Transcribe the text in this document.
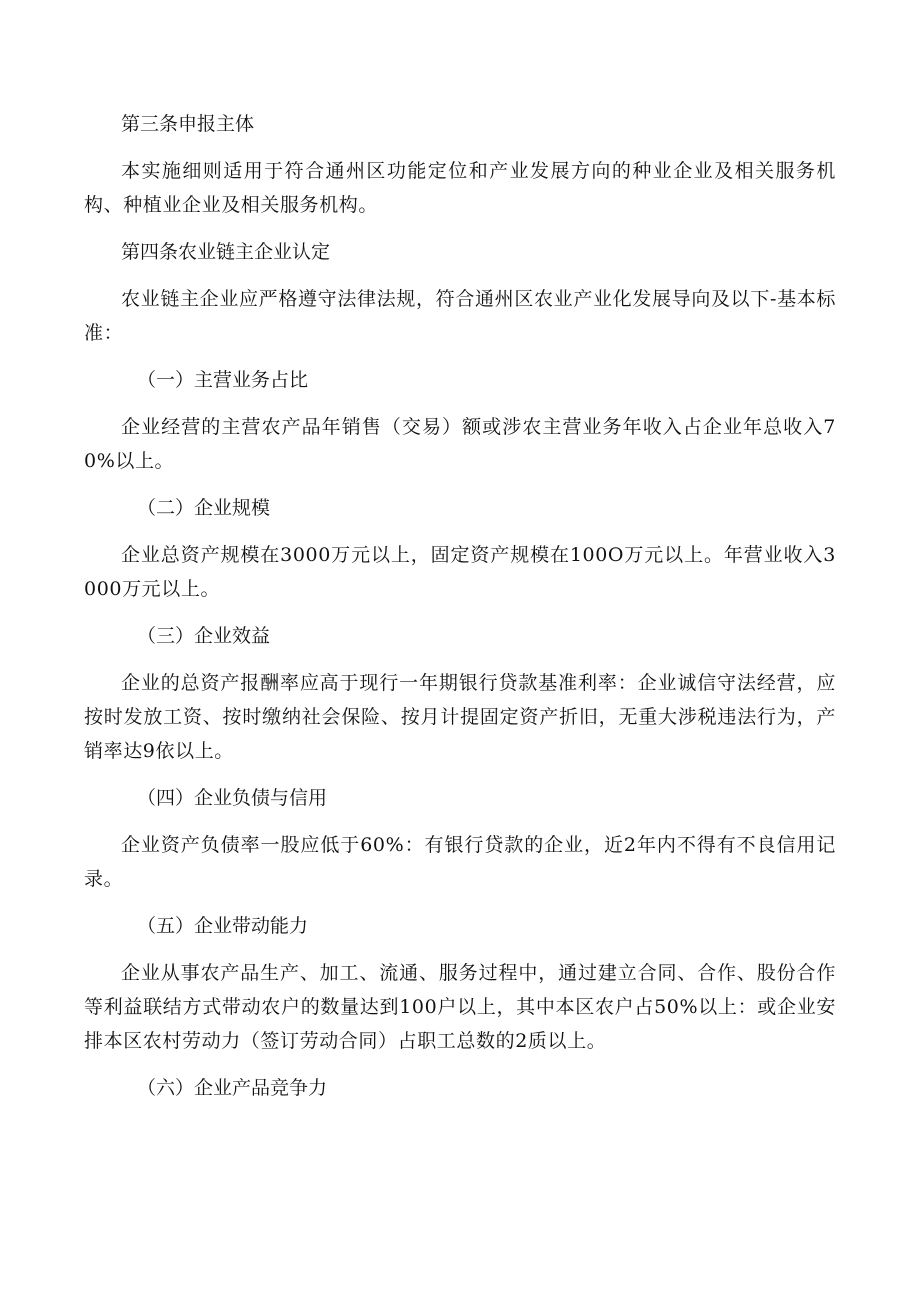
第三条申报主体

本实施细则适用于符合通州区功能定位和产业发展方向的种业企业及相关服务机构、种植业企业及相关服务机构。

第四条农业链主企业认定

农业链主企业应严格遵守法律法规，符合通州区农业产业化发展导向及以下-基本标准：

（一）主营业务占比

企业经营的主营农产品年销售（交易）额或涉农主营业务年收入占企业年总收入70%以上。

（二）企业规模

企业总资产规模在3000万元以上，固定资产规模在100O万元以上。年营业收入3000万元以上。

（三）企业效益

企业的总资产报酬率应高于现行一年期银行贷款基准利率：企业诚信守法经营，应按时发放工资、按时缴纳社会保险、按月计提固定资产折旧，无重大涉税违法行为，产销率达9依以上。

（四）企业负债与信用

企业资产负债率一股应低于60%：有银行贷款的企业，近2年内不得有不良信用记录。

（五）企业带动能力

企业从事农产品生产、加工、流通、服务过程中，通过建立合同、合作、股份合作等利益联结方式带动农户的数量达到100户以上，其中本区农户占50%以上：或企业安排本区农村劳动力（签订劳动合同）占职工总数的2质以上。

（六）企业产品竞争力
